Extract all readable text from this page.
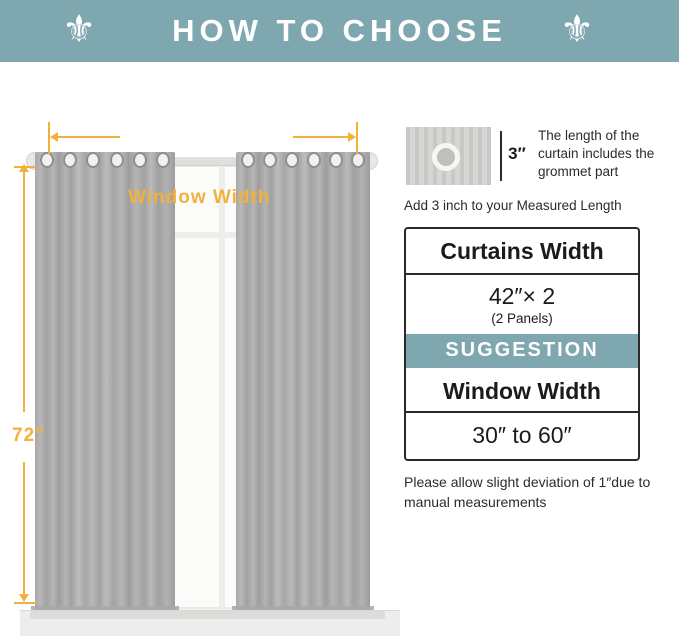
⚜ HOW TO CHOOSE ⚜
Window Width
72″
3″
The length of the curtain includes the grommet part
Add 3 inch to your Measured Length
Curtains Width
42″× 2
(2 Panels)
SUGGESTION
Window Width
30″ to 60″
Please allow slight deviation of 1″due to manual measurements
